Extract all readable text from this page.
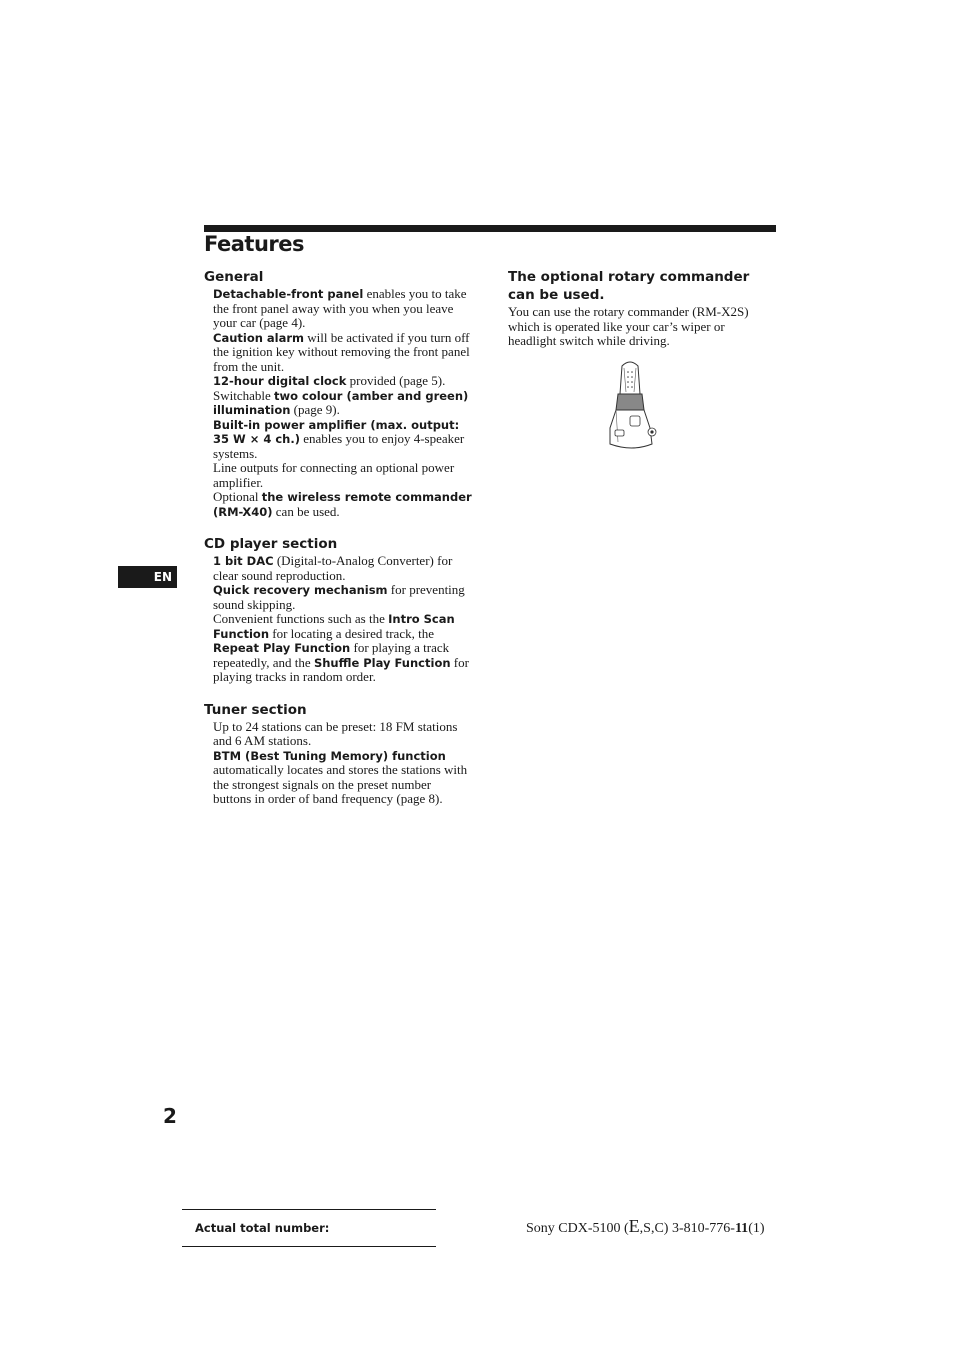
Features
General

Detachable-front panel enables you to take the front panel away with you when you leave your car (page 4).

Caution alarm will be activated if you turn off the ignition key without removing the front panel from the unit.

12-hour digital clock provided (page 5).

Switchable two colour (amber and green) illumination (page 9).

Built-in power amplifier (max. output: 35 W × 4 ch.) enables you to enjoy 4-speaker systems.

Line outputs for connecting an optional power amplifier.

Optional the wireless remote commander (RM-X40) can be used.

CD player section

1 bit DAC (Digital-to-Analog Converter) for clear sound reproduction.

Quick recovery mechanism for preventing sound skipping.

Convenient functions such as the Intro Scan Function for locating a desired track, the Repeat Play Function for playing a track repeatedly, and the Shuffle Play Function for playing tracks in random order.

Tuner section

Up to 24 stations can be preset: 18 FM stations and 6 AM stations.

BTM (Best Tuning Memory) function automatically locates and stores the stations with the strongest signals on the preset number buttons in order of band frequency (page 8).

The optional rotary commander can be used.
You can use the rotary commander (RM-X2S) which is operated like your car’s wiper or headlight switch while driving.
EN
2
Actual total number:	Sony CDX-5100 (E,S,C) 3-810-776-11(1)
